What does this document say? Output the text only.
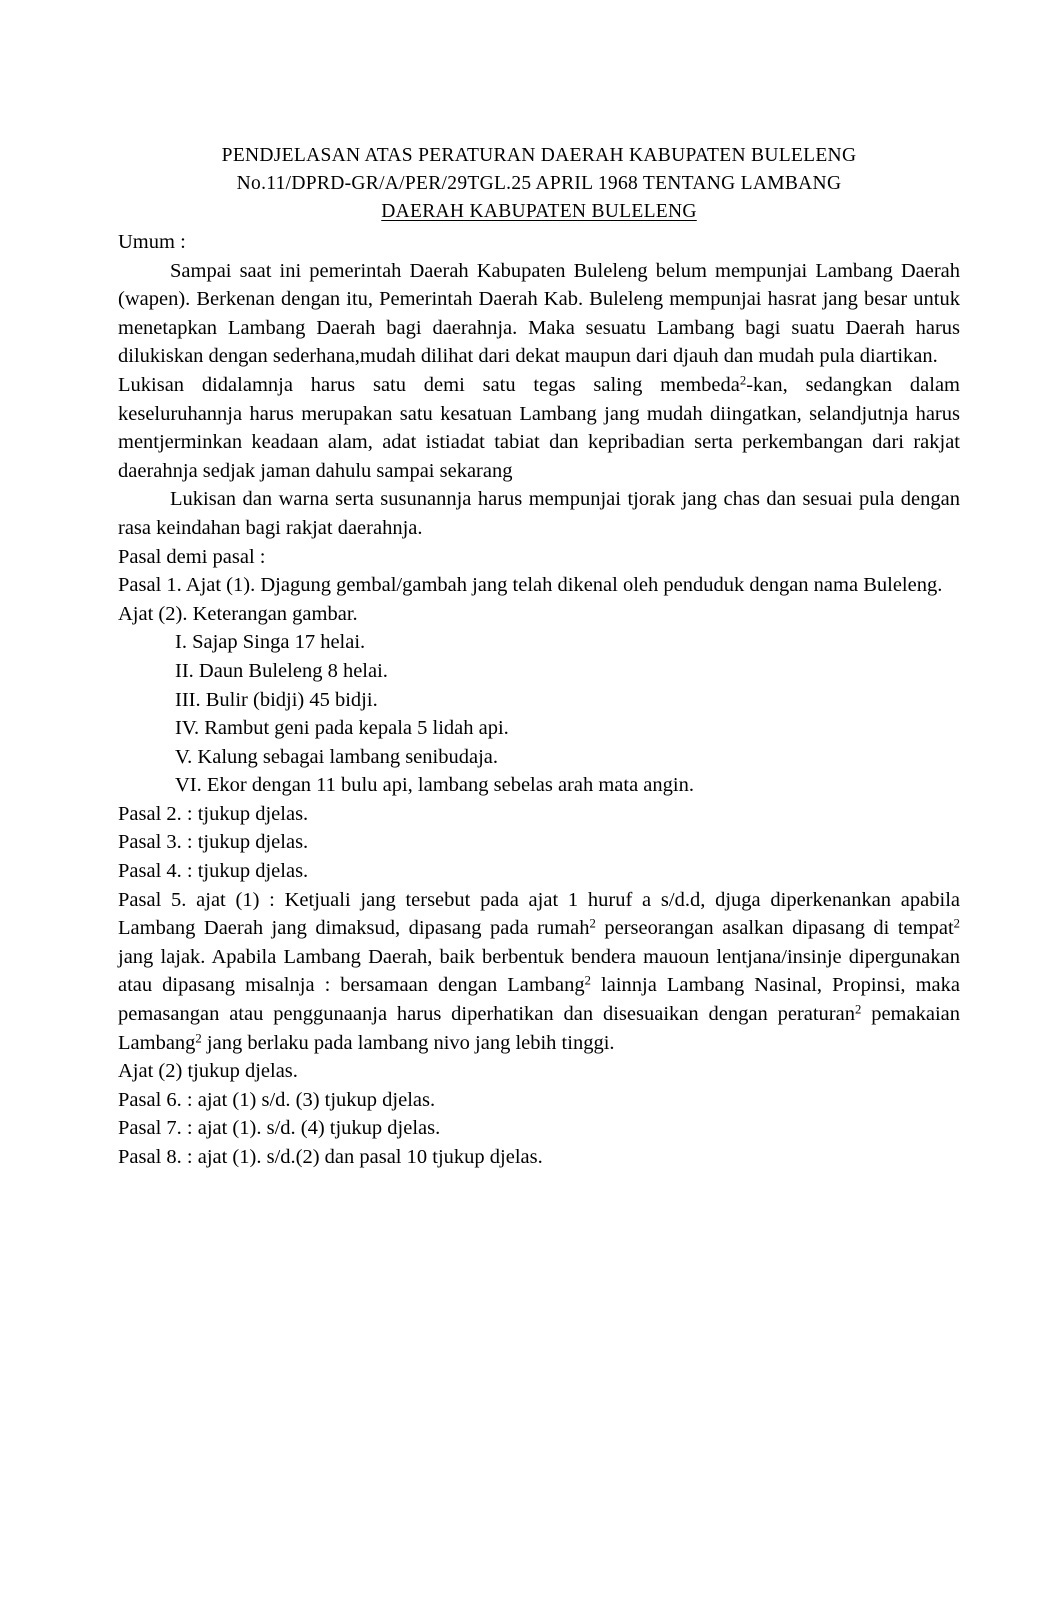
PENDJELASAN ATAS PERATURAN DAERAH KABUPATEN BULELENG
No.11/DPRD-GR/A/PER/29TGL.25 APRIL 1968 TENTANG LAMBANG
DAERAH KABUPATEN BULELENG

Umum :

Sampai saat ini pemerintah Daerah Kabupaten Buleleng belum mempunjai Lambang Daerah (wapen). Berkenan dengan itu, Pemerintah Daerah Kab. Buleleng mempunjai hasrat jang besar untuk menetapkan Lambang Daerah bagi daerahnja. Maka sesuatu Lambang bagi suatu Daerah harus dilukiskan dengan sederhana,mudah dilihat dari dekat maupun dari djauh dan mudah pula diartikan.

Lukisan didalamnja harus satu demi satu tegas saling membeda$^2$-kan, sedangkan dalam keseluruhannja harus merupakan satu kesatuan Lambang jang mudah diingatkan, selandjutnja harus mentjerminkan keadaan alam, adat istiadat tabiat dan kepribadian serta perkembangan dari rakjat daerahnja sedjak jaman dahulu sampai sekarang

Lukisan dan warna serta susunannja harus mempunjai tjorak jang chas dan sesuai pula dengan rasa keindahan bagi rakjat daerahnja.

Pasal demi pasal :

Pasal 1. Ajat (1). Djagung gembal/gambah jang telah dikenal oleh penduduk dengan nama Buleleng.

Ajat (2). Keterangan gambar.

I. Sajap Singa 17 helai.
II. Daun Buleleng 8 helai.
III. Bulir (bidji) 45 bidji.
IV. Rambut geni pada kepala 5 lidah api.
V. Kalung sebagai lambang senibudaja.
VI. Ekor dengan 11 bulu api, lambang sebelas arah mata angin.

Pasal 2. : tjukup djelas.

Pasal 3. : tjukup djelas.

Pasal 4. : tjukup djelas.

Pasal 5. ajat (1) : Ketjuali jang tersebut pada ajat 1 huruf a s/d.d, djuga diperkenankan apabila Lambang Daerah jang dimaksud, dipasang pada rumah$^2$ perseorangan asalkan dipasang di tempat$^2$ jang lajak. Apabila Lambang Daerah, baik berbentuk bendera mauoun lentjana/insinje dipergunakan atau dipasang misalnja : bersamaan dengan Lambang$^2$ lainnja Lambang Nasinal, Propinsi, maka pemasangan atau penggunaanja harus diperhatikan dan disesuaikan dengan peraturan$^2$ pemakaian Lambang$^2$ jang berlaku pada lambang nivo jang lebih tinggi.

Ajat (2) tjukup djelas.

Pasal 6. : ajat (1) s/d. (3) tjukup djelas.

Pasal 7. : ajat (1). s/d. (4) tjukup djelas.

Pasal 8. : ajat (1). s/d.(2) dan pasal 10 tjukup djelas.
